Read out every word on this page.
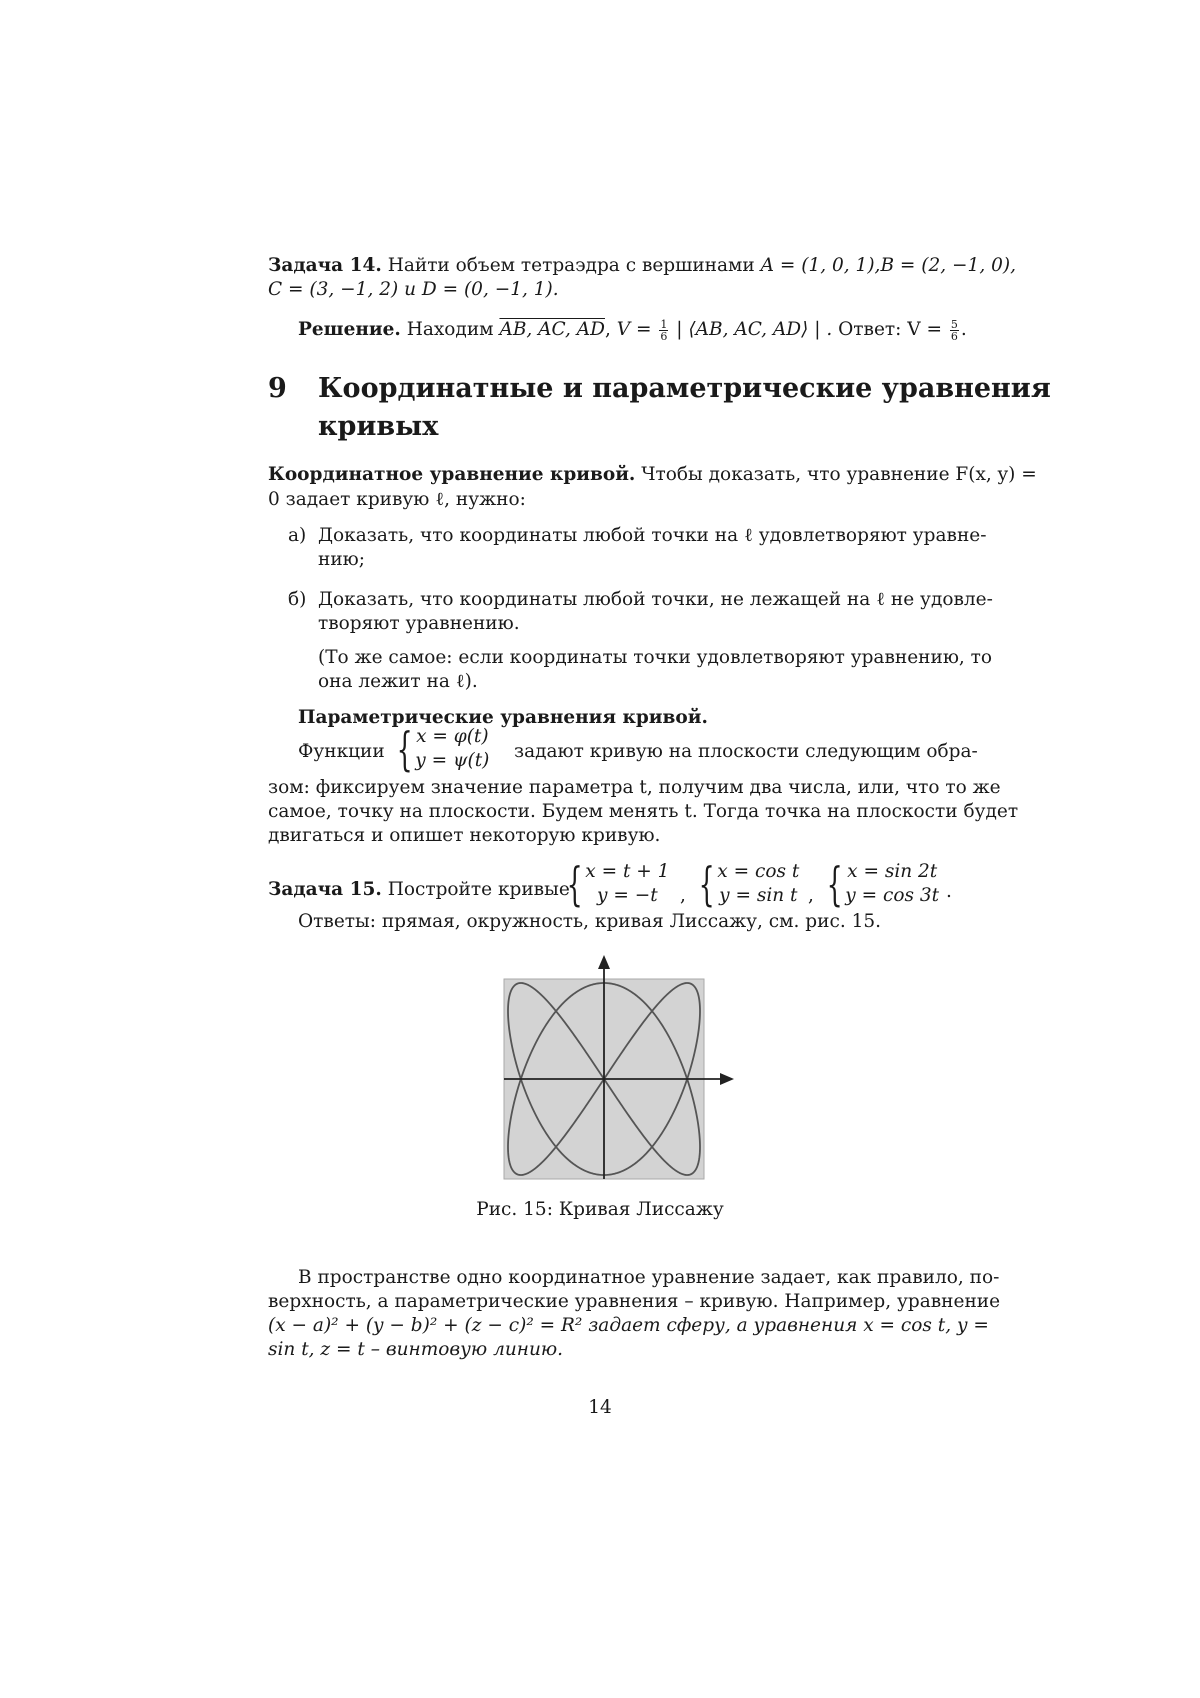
Задача 14. Найти объем тетраэдра с вершинами A = (1, 0, 1), B = (2, −1, 0),
C = (3, −1, 2) и D = (0, −1, 1).
Решение. Находим AB, AC, AD, V = 1
6 | ⟨AB, AC, AD⟩ | . Ответ: V = 5
6 .
9 Координатные и параметрические уравнения
кривых
Координатное уравнение кривой. Чтобы доказать, что уравнение F(x, y) =
0 задает кривую ℓ, нужно:
а) Доказать, что координаты любой точки на ℓ удовлетворяют уравне-
нию;
б) Доказать, что координаты любой точки, не лежащей на ℓ не удовле-
творяют уравнению.
(То же самое: если координаты точки удовлетворяют уравнению, то
она лежит на ℓ).
Параметрические уравнения кривой.
Функции { x = φ(t)
y = ψ(t) задают кривую на плоскости следующим обра-
зом: фиксируем значение параметра t, получим два числа, или, что то же
самое, точку на плоскости. Будем менять t. Тогда точка на плоскости будет
двигаться и опишет некоторую кривую.
Задача 15. Постройте кривые
{ x = t + 1
y = −t	, { x = cos t
y = sin t , { x = sin 2t
y = cos 3t .
Ответы: прямая, окружность, кривая Лиссажу, см. рис. 15.
Рис. 15: Кривая Лиссажу
В пространстве одно координатное уравнение задает, как правило, по-
верхность, а параметрические уравнения – кривую. Например, уравнение
(x − a)² + (y − b)² + (z − c)² = R² задает сферу, а уравнения x = cos t, y =
sin t, z = t – винтовую линию.
14
